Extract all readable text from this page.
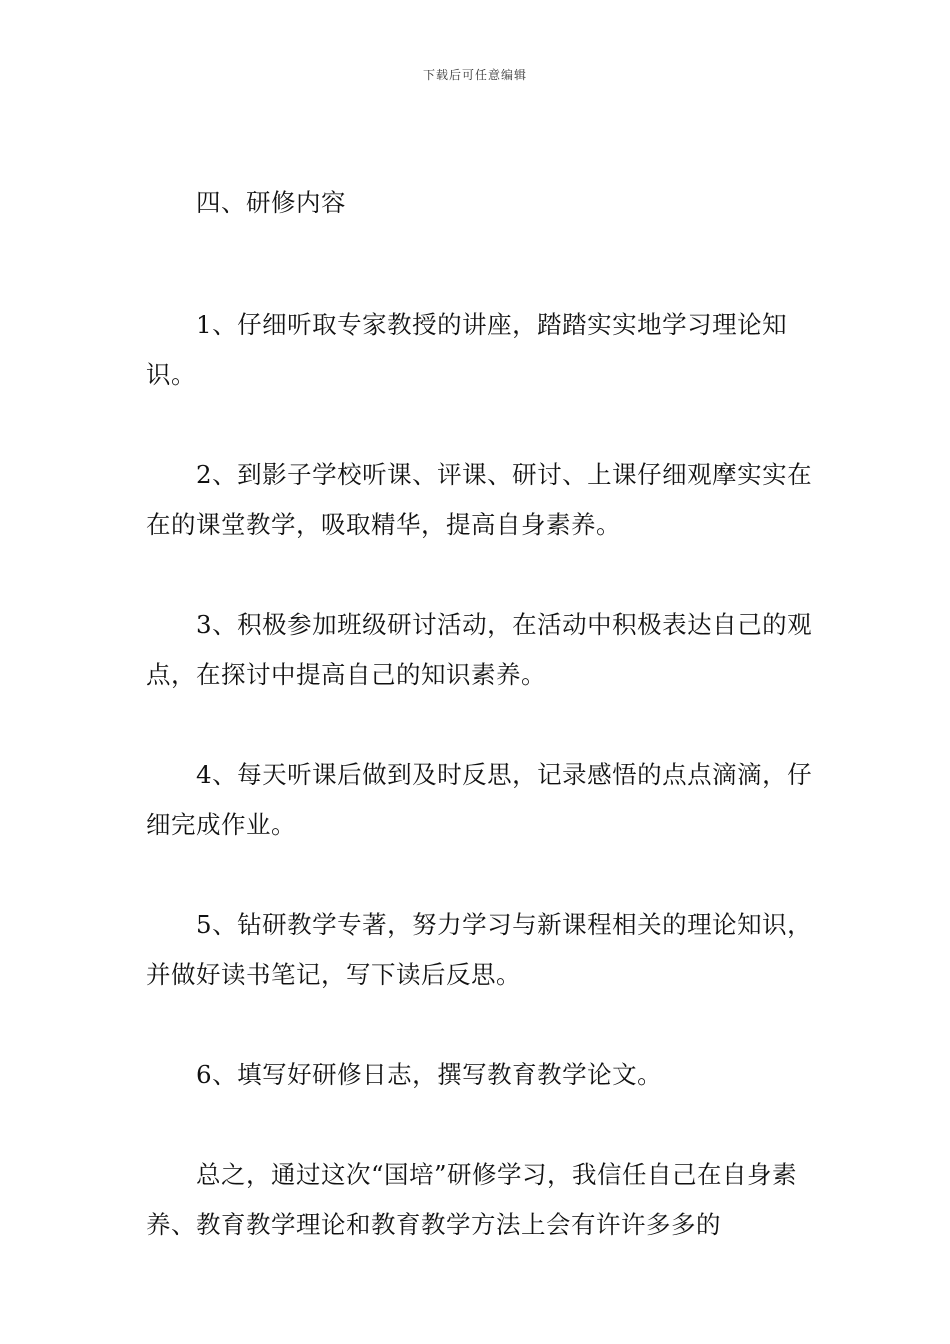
下载后可任意编辑

四、研修内容

1、仔细听取专家教授的讲座，踏踏实实地学习理论知识。

2、到影子学校听课、评课、研讨、上课仔细观摩实实在在的课堂教学，吸取精华，提高自身素养。

3、积极参加班级研讨活动，在活动中积极表达自己的观点，在探讨中提高自己的知识素养。

4、每天听课后做到及时反思，记录感悟的点点滴滴，仔细完成作业。

5、钻研教学专著，努力学习与新课程相关的理论知识，并做好读书笔记，写下读后反思。

6、填写好研修日志，撰写教育教学论文。

总之，通过这次“国培”研修学习，我信任自己在自身素养、教育教学理论和教育教学方法上会有许许多多的
